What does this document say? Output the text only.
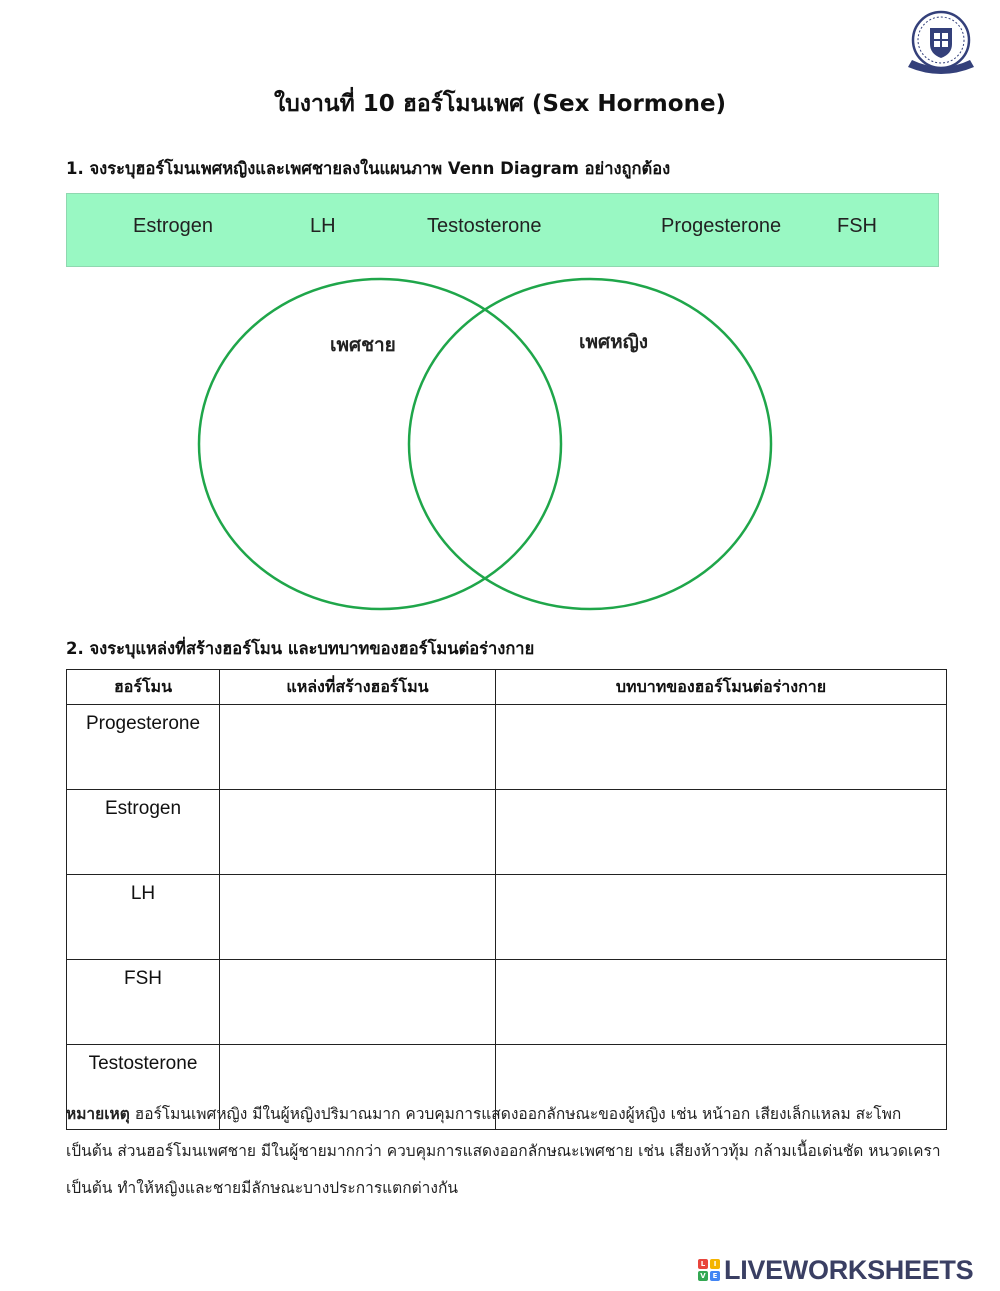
ใบงานที่ 10 ฮอร์โมนเพศ (Sex Hormone)

1. จงระบุฮอร์โมนเพศหญิงและเพศชายลงในแผนภาพ Venn Diagram อย่างถูกต้อง

Estrogen	LH	Testosterone	Progesterone	FSH
เพศชาย	เพศหญิง

2. จงระบุแหล่งที่สร้างฮอร์โมน และบทบาทของฮอร์โมนต่อร่างกาย

ฮอร์โมน	แหล่งที่สร้างฮอร์โมน	บทบาทของฮอร์โมนต่อร่างกาย
Progesterone		
Estrogen		
LH		
FSH		
Testosterone		

หมายเหตุ ฮอร์โมนเพศหญิง มีในผู้หญิงปริมาณมาก ควบคุมการแสดงออกลักษณะของผู้หญิง เช่น หน้าอก เสียงเล็กแหลม สะโพกเป็นต้น ส่วนฮอร์โมนเพศชาย มีในผู้ชายมากกว่า ควบคุมการแสดงออกลักษณะเพศชาย เช่น เสียงห้าวทุ้ม กล้ามเนื้อเด่นชัด หนวดเครา เป็นต้น ทำให้หญิงและชายมีลักษณะบางประการแตกต่างกัน

L	I
V E LIVEWORKSHEETS
